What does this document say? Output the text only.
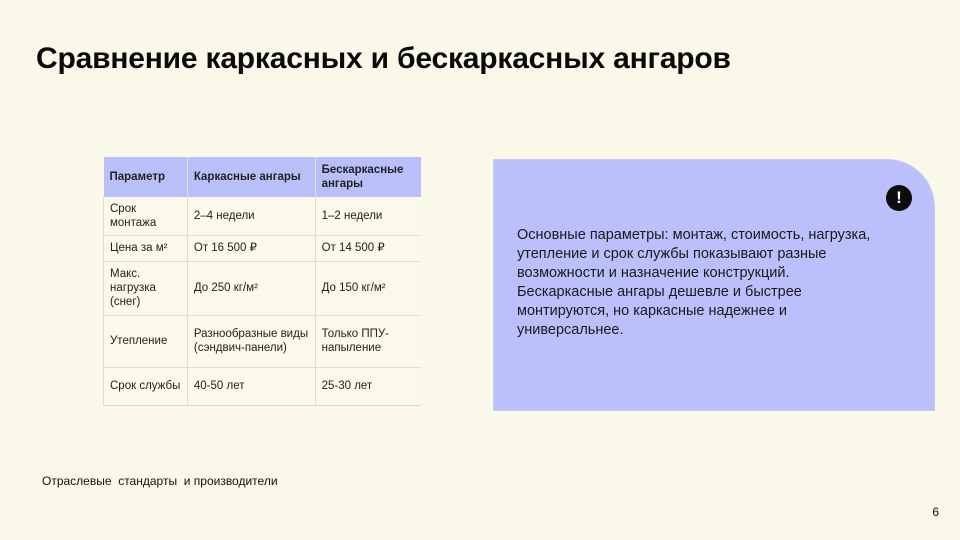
Сравнение каркасных и бескаркасных ангаров
Параметр	Каркасные ангары	Бескаркасные ангары
Срок монтажа	2–4 недели	1–2 недели
Цена за м²	От 16 500 ₽	От 14 500 ₽
Макс. нагрузка (снег)	До 250 кг/м²	До 150 кг/м²
Утепление	Разнообразные виды (сэндвич-панели)	Только ППУ-напыление
Срок службы	40-50 лет	25-30 лет
!

Основные параметры: монтаж, стоимость, нагрузка, утепление и срок службы показывают разные возможности и назначение конструкций.

Бескаркасные ангары дешевле и быстрее монтируются, но каркасные надежнее и универсальнее.

Отраслевые  стандарты  и производители
6
